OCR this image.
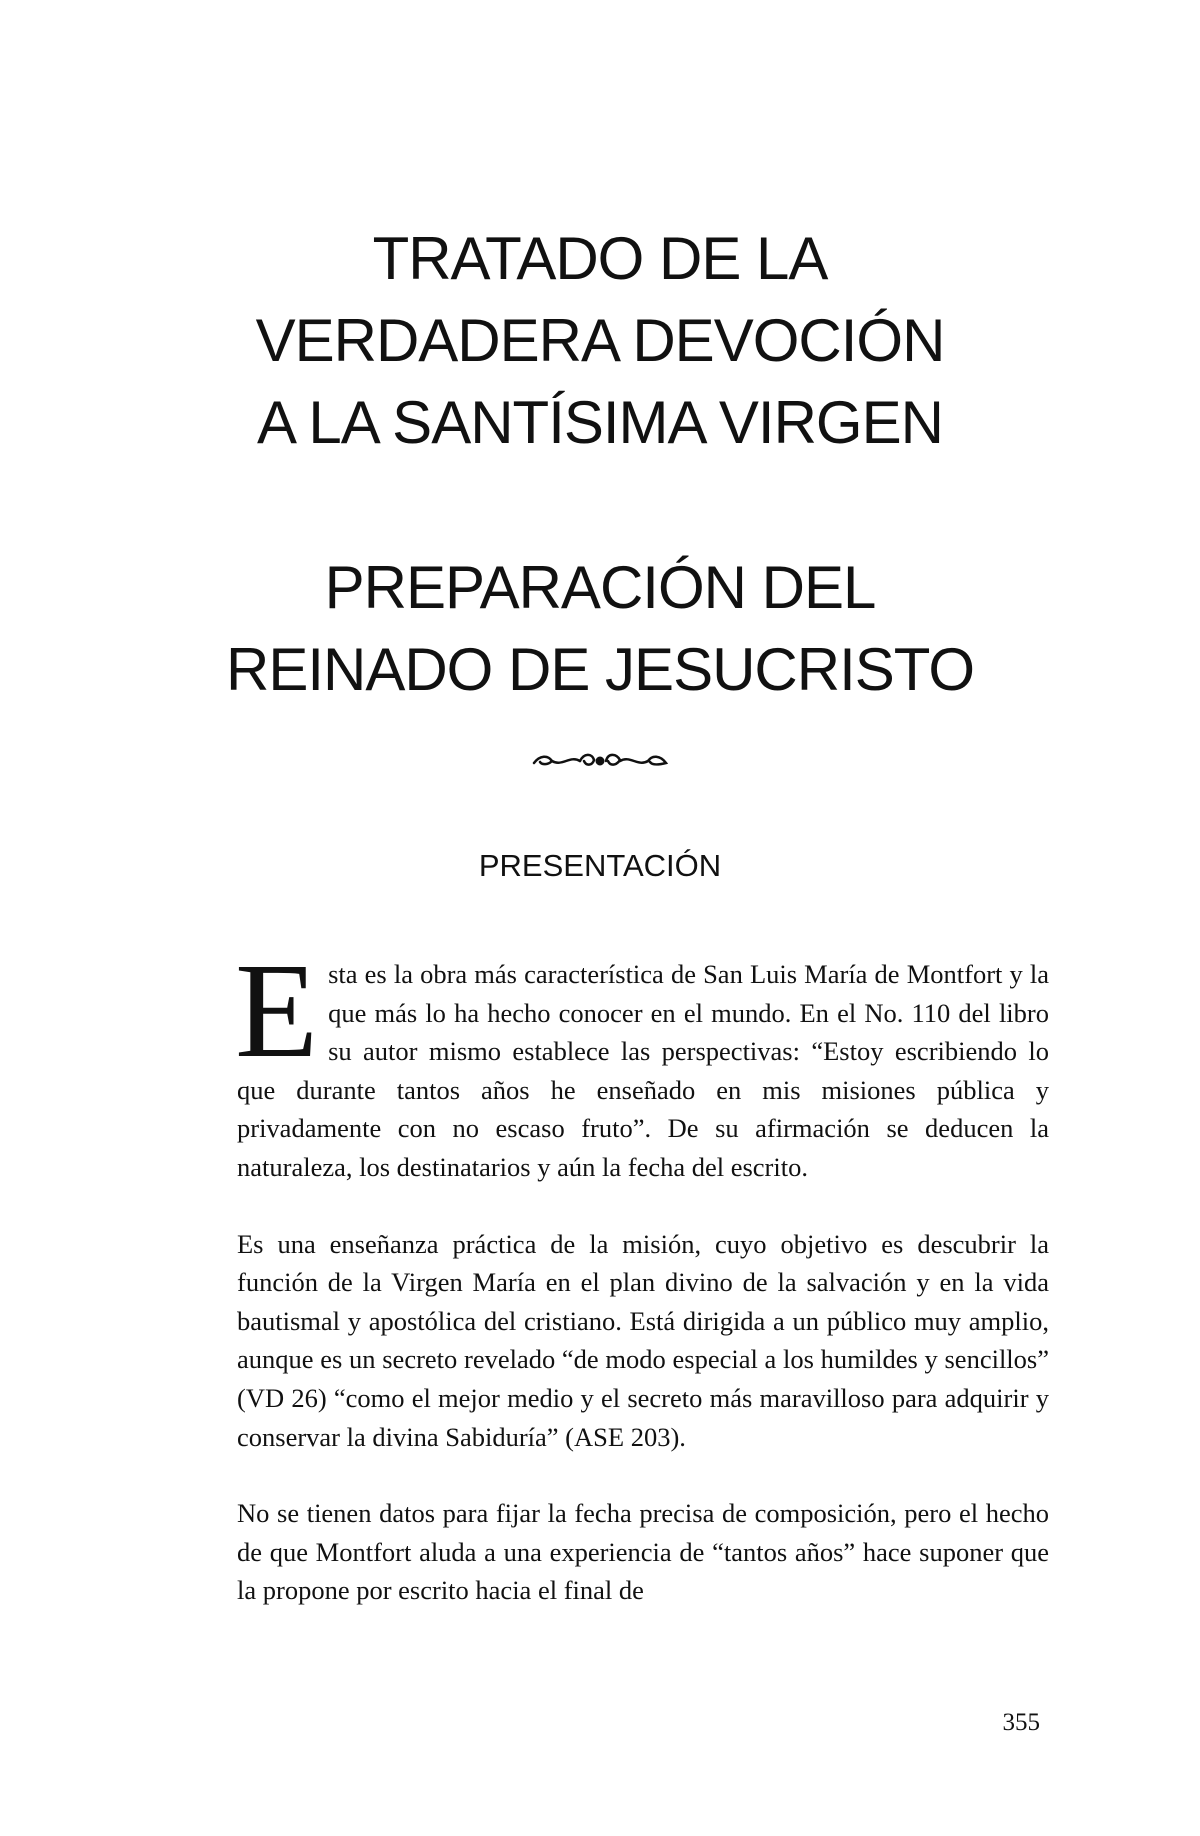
TRATADO DE LA
VERDADERA DEVOCIÓN
A LA SANTÍSIMA VIRGEN
PREPARACIÓN DEL
REINADO DE JESUCRISTO
PRESENTACIÓN

Esta es la obra más característica de San Luis María de Montfort y la que más lo ha hecho conocer en el mundo. En el No. 110 del libro su autor mismo establece las perspectivas: “Estoy escribiendo lo que durante tantos años he enseñado en mis misiones pública y privadamente con no escaso fruto”. De su afirmación se deducen la naturaleza, los destinatarios y aún la fecha del escrito.

Es una enseñanza práctica de la misión, cuyo objetivo es descubrir la función de la Virgen María en el plan divino de la salvación y en la vida bautismal y apostólica del cristiano. Está dirigida a un público muy amplio, aunque es un secreto revelado “de modo especial a los humildes y sencillos” (VD 26) “como el mejor medio y el secreto más maravilloso para adquirir y conservar la divina Sabiduría” (ASE 203).

No se tienen datos para fijar la fecha precisa de composición, pero el hecho de que Montfort aluda a una experiencia de “tantos años” hace suponer que la propone por escrito hacia el final de

355
